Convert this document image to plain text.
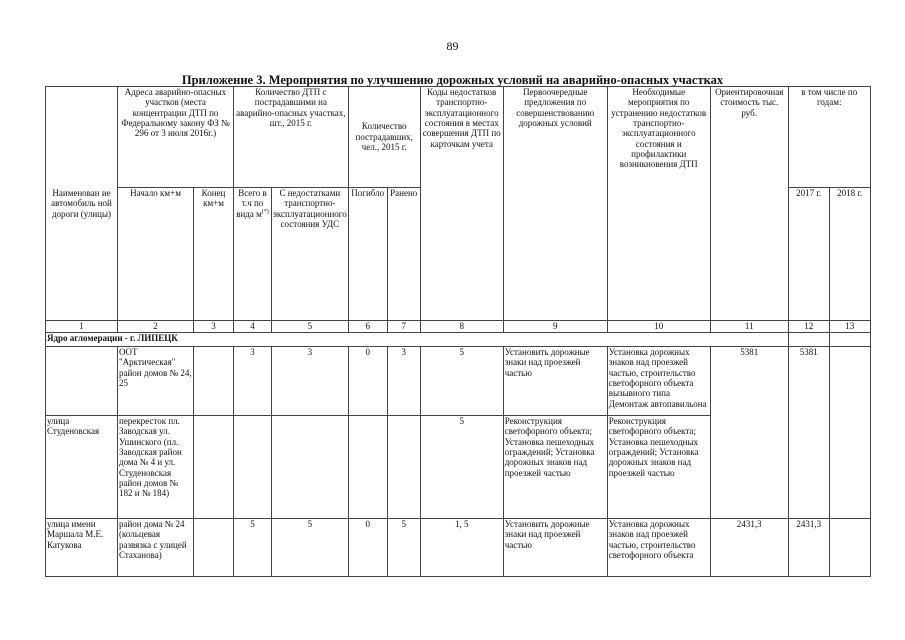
89
Приложение 3. Мероприятия по улучшению дорожных условий на аварийно-опасных участках
Наименован ие автомобиль ной дороги (улицы)	Адреса аварийно-опасных участков (места концентрации ДТП по Федеральному закону ФЗ № 296 от 3 июля 2016г.)		Количество ДТП с пострадавшими на аварийно-опасных участках, шт., 2015 г.		Количество пострадавших, чел., 2015 г.		Коды недостатков транспортно-эксплуатационного состояния в местах совершения ДТП по карточкам учета	Первоочередные предложения по совершенствованию дорожных условий	Необходимые мероприятия по устранению недостатков транспортно-эксплуатационного состояния и профилактики возникновения ДТП	Ориентировочная стоимость тыс. руб.	в том числе по годам:	
	Начало км+м	Конец км+м	Всего в т.ч по вида м(*)	С недостатками транспортно-эксплуатационного состояния УДС	Погибло	Ранено					2017 г.	2018 г.
1	2	3	4	5	6	7	8	9	10	11	12	13
Ядро агломерации - г. ЛИПЕЦК												
	ООТ "Арктическая" район домов № 24, 25		3	3	0	3	5	Установить дорожные знаки над проезжей частью	Установка дорожных знаков над проезжей частью, строительство светофорного объекта вызывного типа Демонтаж автопавильона	5381	5381	
улица Студеновская	перекресток пл. Заводская ул. Ушинского (пл. Заводская район дома № 4 и ул. Студеновская район домов № 182 и № 184)						5	Реконструкция светофорного объекта; Установка пешеходных ограждений; Установка дорожных знаков над проезжей частью	Реконструкция светофорного объекта; Установка пешеходных ограждений; Установка дорожных знаков над проезжей частью			
улица имени Маршала М.Е. Катукова	район дома № 24 (кольцевая развязка с улицей Стаханова)		5	5	0	5	1, 5	Установить дорожные знаки над проезжей частью	Установка дорожных знаков над проезжей частью, строительство светофорного объекта	2431,3	2431,3	
